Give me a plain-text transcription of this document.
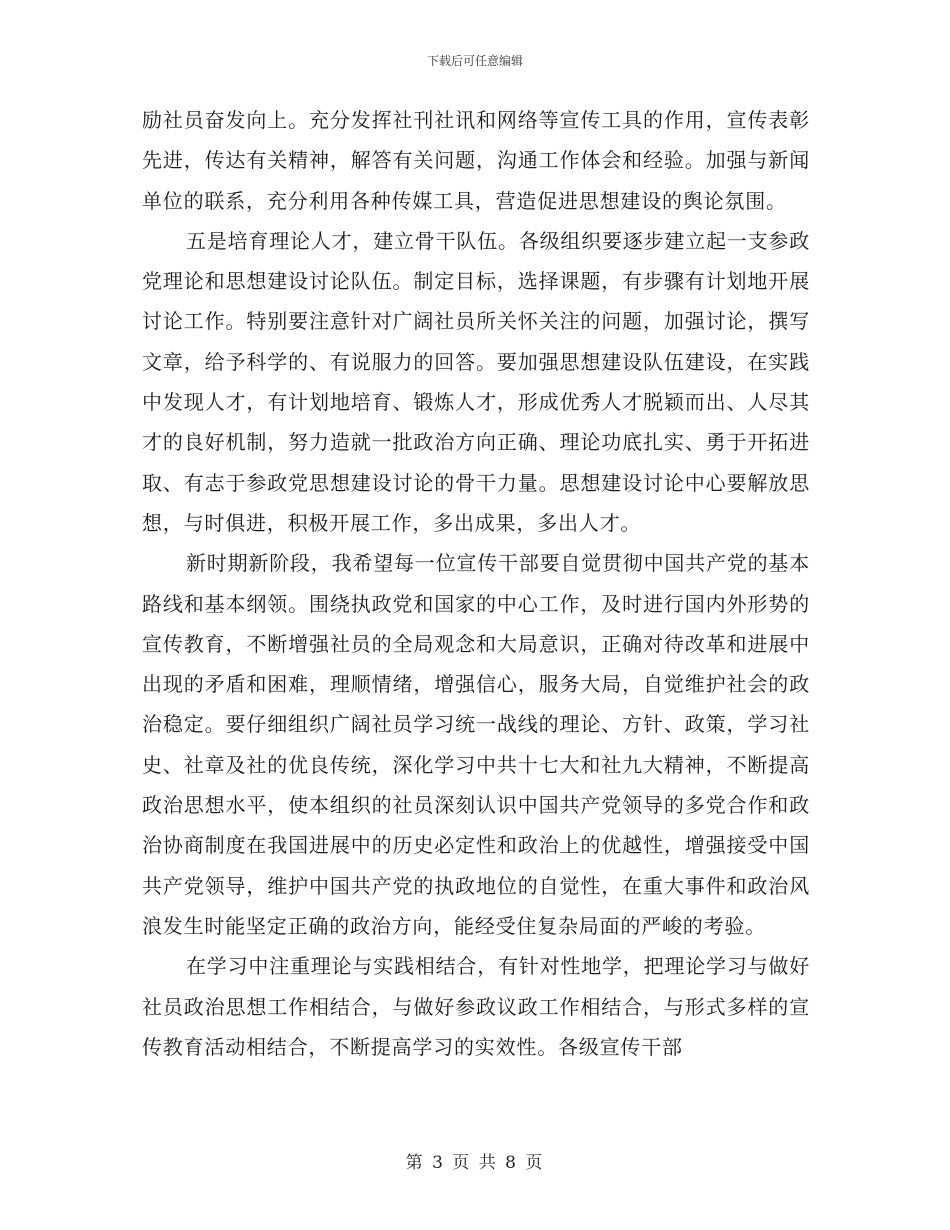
下载后可任意编辑

励社员奋发向上。充分发挥社刊社讯和网络等宣传工具的作用，宣传表彰先进，传达有关精神，解答有关问题，沟通工作体会和经验。加强与新闻单位的联系，充分利用各种传媒工具，营造促进思想建设的舆论氛围。

五是培育理论人才，建立骨干队伍。各级组织要逐步建立起一支参政党理论和思想建设讨论队伍。制定目标，选择课题，有步骤有计划地开展讨论工作。特别要注意针对广阔社员所关怀关注的问题，加强讨论，撰写文章，给予科学的、有说服力的回答。要加强思想建设队伍建设，在实践中发现人才，有计划地培育、锻炼人才，形成优秀人才脱颖而出、人尽其才的良好机制，努力造就一批政治方向正确、理论功底扎实、勇于开拓进取、有志于参政党思想建设讨论的骨干力量。思想建设讨论中心要解放思想，与时俱进，积极开展工作，多出成果，多出人才。

新时期新阶段，我希望每一位宣传干部要自觉贯彻中国共产党的基本路线和基本纲领。围绕执政党和国家的中心工作，及时进行国内外形势的宣传教育，不断增强社员的全局观念和大局意识，正确对待改革和进展中出现的矛盾和困难，理顺情绪，增强信心，服务大局，自觉维护社会的政治稳定。要仔细组织广阔社员学习统一战线的理论、方针、政策，学习社史、社章及社的优良传统，深化学习中共十七大和社九大精神，不断提高政治思想水平，使本组织的社员深刻认识中国共产党领导的多党合作和政治协商制度在我国进展中的历史必定性和政治上的优越性，增强接受中国共产党领导，维护中国共产党的执政地位的自觉性，在重大事件和政治风浪发生时能坚定正确的政治方向，能经受住复杂局面的严峻的考验。

在学习中注重理论与实践相结合，有针对性地学，把理论学习与做好社员政治思想工作相结合，与做好参政议政工作相结合，与形式多样的宣传教育活动相结合，不断提高学习的实效性。各级宣传干部

第 3 页 共 8 页
